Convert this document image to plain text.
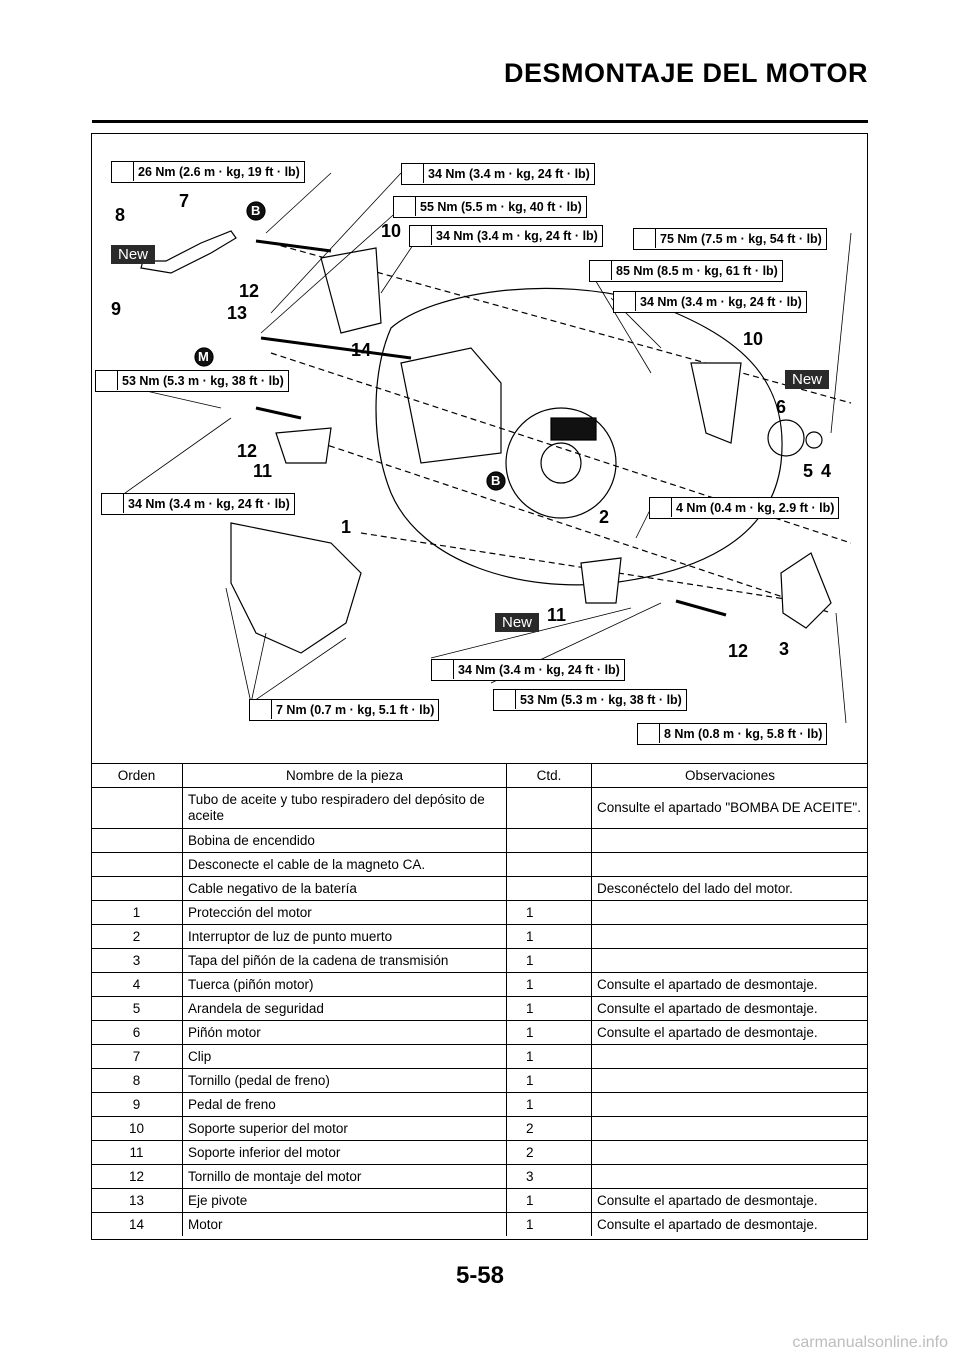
DESMONTAJE DEL MOTOR
B
B
M
26 Nm (2.6 m · kg, 19 ft · lb)	34 Nm (3.4 m · kg, 24 ft · lb)
55 Nm (5.5 m · kg, 40 ft · lb)
34 Nm (3.4 m · kg, 24 ft · lb)	75 Nm (7.5 m · kg, 54 ft · lb)
85 Nm (8.5 m · kg, 61 ft · lb)
34 Nm (3.4 m · kg, 24 ft · lb)
53 Nm (5.3 m · kg, 38 ft · lb)
34 Nm (3.4 m · kg, 24 ft · lb)	4 Nm (0.4 m · kg, 2.9 ft · lb)
34 Nm (3.4 m · kg, 24 ft · lb)
7 Nm (0.7 m · kg, 5.1 ft · lb)
53 Nm (5.3 m · kg, 38 ft · lb)
8 Nm (0.8 m · kg, 5.8 ft · lb)
7
8
9
10
12
13
14
10
6
5 4
12
11
1	2
11
12 3
New
New
New
Orden	Nombre de la pieza	Ctd.	Observaciones
	Tubo de aceite y tubo respiradero del depósito de aceite		Consulte el apartado "BOMBA DE ACEITE".
	Bobina de encendido		
	Desconecte el cable de la magneto CA.		
	Cable negativo de la batería		Desconéctelo del lado del motor.
1	Protección del motor	1	
2	Interruptor de luz de punto muerto	1	
3	Tapa del piñón de la cadena de transmisión	1	
4	Tuerca (piñón motor)	1	Consulte el apartado de desmontaje.
5	Arandela de seguridad	1	Consulte el apartado de desmontaje.
6	Piñón motor	1	Consulte el apartado de desmontaje.
7	Clip	1	
8	Tornillo (pedal de freno)	1	
9	Pedal de freno	1	
10	Soporte superior del motor	2	
11	Soporte inferior del motor	2	
12	Tornillo de montaje del motor	3	
13	Eje pivote	1	Consulte el apartado de desmontaje.
14	Motor	1	Consulte el apartado de desmontaje.
5-58
carmanualsonline.info
